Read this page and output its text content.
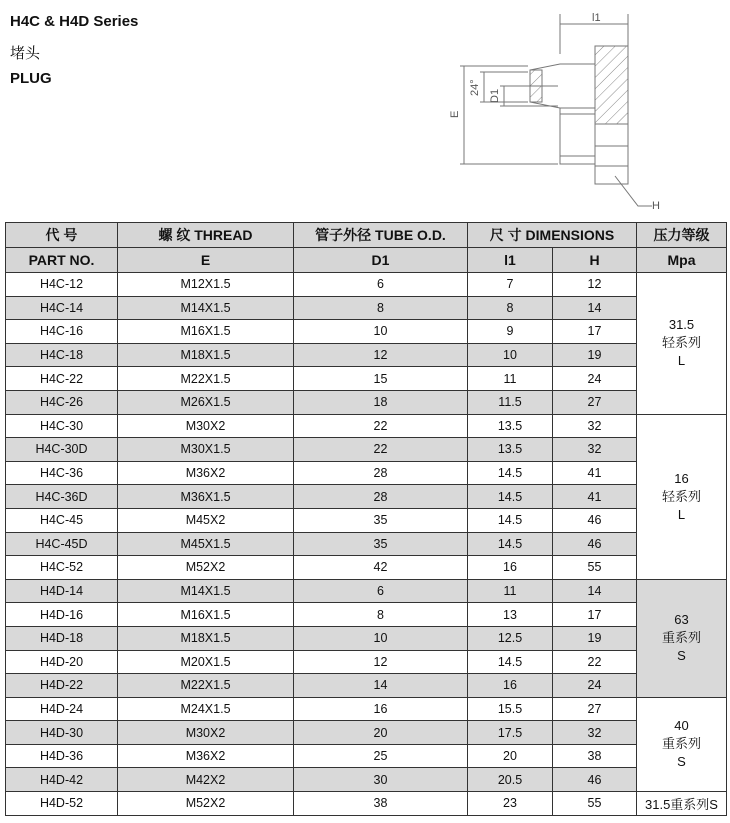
H4C & H4D Series
堵头
PLUG
l1
E
24° D1
H
代 号	螺 纹 THREAD	管子外径 TUBE O.D.	尺 寸 DIMENSIONS		压力等级
PART NO.	E	D1	l1	H	Mpa
H4C-12	M12X1.5	6	7	12	31.5
轻系列
L

H4C-14	M14X1.5	8	8	14	
H4C-16	M16X1.5	10	9	17	
H4C-18	M18X1.5	12	10	19	
H4C-22	M22X1.5	15	11	24	
H4C-26	M26X1.5	18	11.5	27	
H4C-30	M30X2	22	13.5	32	16
轻系列
L

H4C-30D	M30X1.5	22	13.5	32	
H4C-36	M36X2	28	14.5	41	
H4C-36D	M36X1.5	28	14.5	41	
H4C-45	M45X2	35	14.5	46	
H4C-45D	M45X1.5	35	14.5	46	
H4C-52	M52X2	42	16	55	
H4D-14	M14X1.5	6	11	14	63
重系列
S

H4D-16	M16X1.5	8	13	17	
H4D-18	M18X1.5	10	12.5	19	
H4D-20	M20X1.5	12	14.5	22	
H4D-22	M22X1.5	14	16	24	
H4D-24	M24X1.5	16	15.5	27	40
重系列
S

H4D-30	M30X2	20	17.5	32	
H4D-36	M36X2	25	20	38	
H4D-42	M42X2	30	20.5	46	
H4D-52	M52X2	38	23	55	31.5重系列S
